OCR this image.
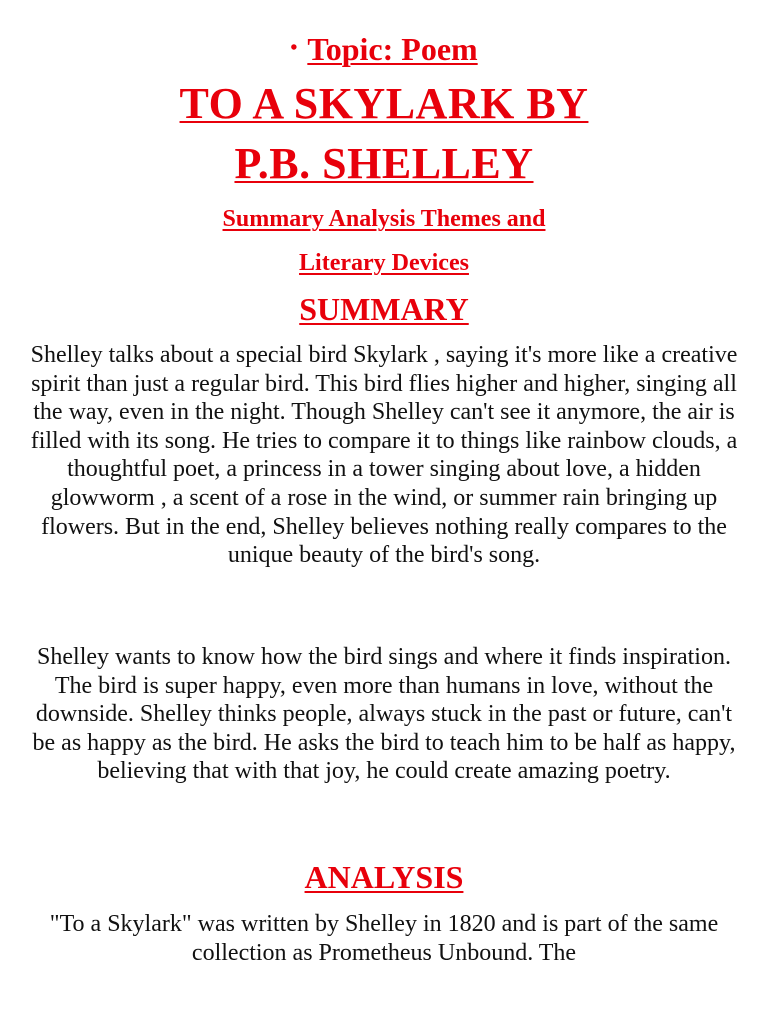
• Topic: Poem
TO A SKYLARK BY
P.B. SHELLEY
Summary Analysis Themes and
Literary Devices
SUMMARY
Shelley talks about a special bird Skylark , saying it's more like a creative spirit than just a regular bird. This bird flies higher and higher, singing all the way, even in the night. Though Shelley can't see it anymore, the air is filled with its song. He tries to compare it to things like rainbow clouds, a thoughtful poet, a princess in a tower singing about love, a hidden glowworm , a scent of a rose in the wind, or summer rain bringing up flowers. But in the end, Shelley believes nothing really compares to the unique beauty of the bird's song.
Shelley wants to know how the bird sings and where it finds inspiration. The bird is super happy, even more than humans in love, without the downside. Shelley thinks people, always stuck in the past or future, can't be as happy as the bird. He asks the bird to teach him to be half as happy, believing that with that joy, he could create amazing poetry.
ANALYSIS
"To a Skylark" was written by Shelley in 1820 and is part of the same collection as Prometheus Unbound. The
